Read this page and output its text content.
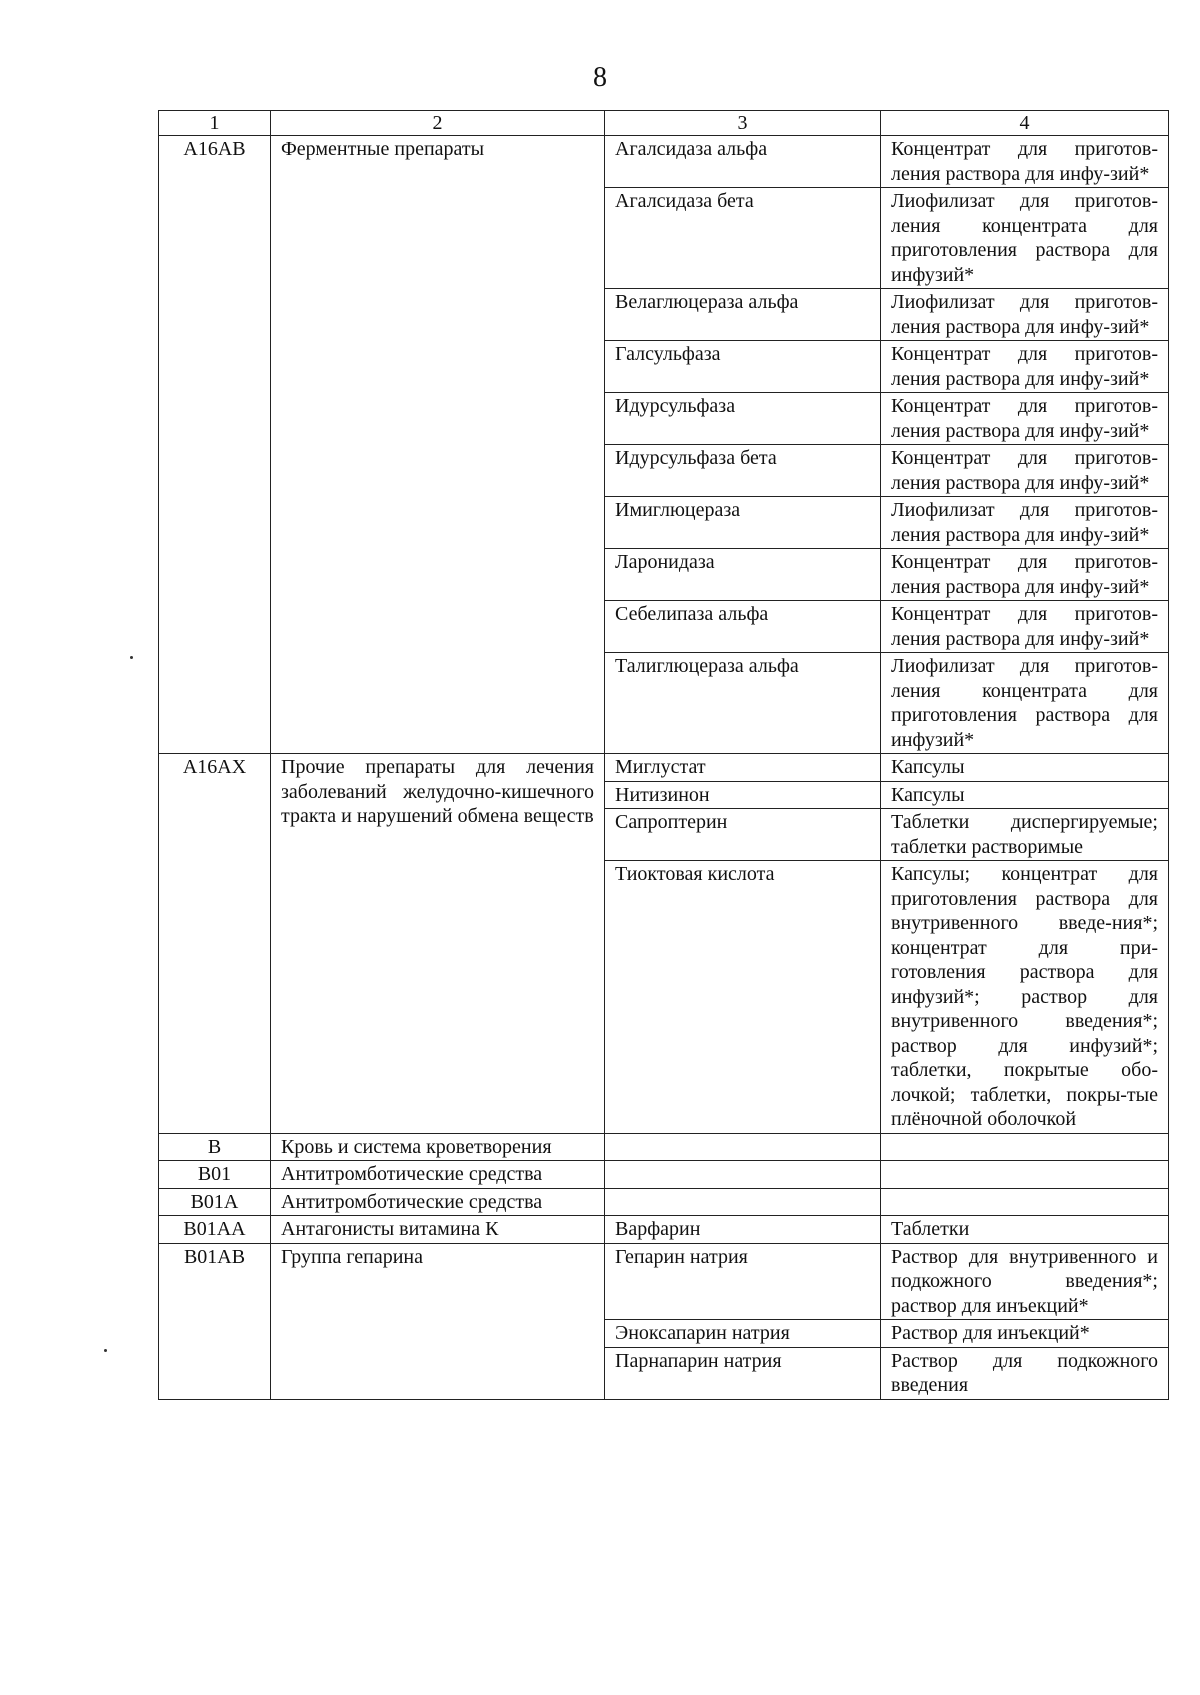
8
1	2	3	4
A16AB	Ферментные препараты	Агалсидаза альфа	Концентрат для приготов-ления раствора для инфу-зий*
		Агалсидаза бета	Лиофилизат для приготов-ления концентрата для приготовления раствора для инфузий*
		Велаглюцераза альфа	Лиофилизат для приготов-ления раствора для инфу-зий*
		Галсульфаза	Концентрат для приготов-ления раствора для инфу-зий*
		Идурсульфаза	Концентрат для приготов-ления раствора для инфу-зий*
		Идурсульфаза бета	Концентрат для приготов-ления раствора для инфу-зий*
		Имиглюцераза	Лиофилизат для приготов-ления раствора для инфу-зий*
		Ларонидаза	Концентрат для приготов-ления раствора для инфу-зий*
		Себелипаза альфа	Концентрат для приготов-ления раствора для инфу-зий*
		Талиглюцераза альфа	Лиофилизат для приготов-ления концентрата для приготовления раствора для инфузий*
A16AX	Прочие препараты для лечения заболеваний желудочно-кишечного тракта и нарушений обмена веществ	Миглустат	Капсулы
		Нитизинон	Капсулы
		Сапроптерин	Таблетки диспергируемые; таблетки растворимые
		Тиоктовая кислота	Капсулы; концентрат для приготовления раствора для внутривенного введе-ния*; концентрат для при-готовления раствора для инфузий*; раствор для внутривенного введения*; раствор для инфузий*; таблетки, покрытые обо-лочкой; таблетки, покры-тые плёночной оболочкой
B	Кровь и система кроветворения		
B01	Антитромботические средства		
B01A	Антитромботические средства		
B01AA	Антагонисты витамина К	Варфарин	Таблетки
B01AB	Группа гепарина	Гепарин натрия	Раствор для внутривенного и подкожного введения*; раствор для инъекций*
		Эноксапарин натрия	Раствор для инъекций*
		Парнапарин натрия	Раствор для подкожного введения
